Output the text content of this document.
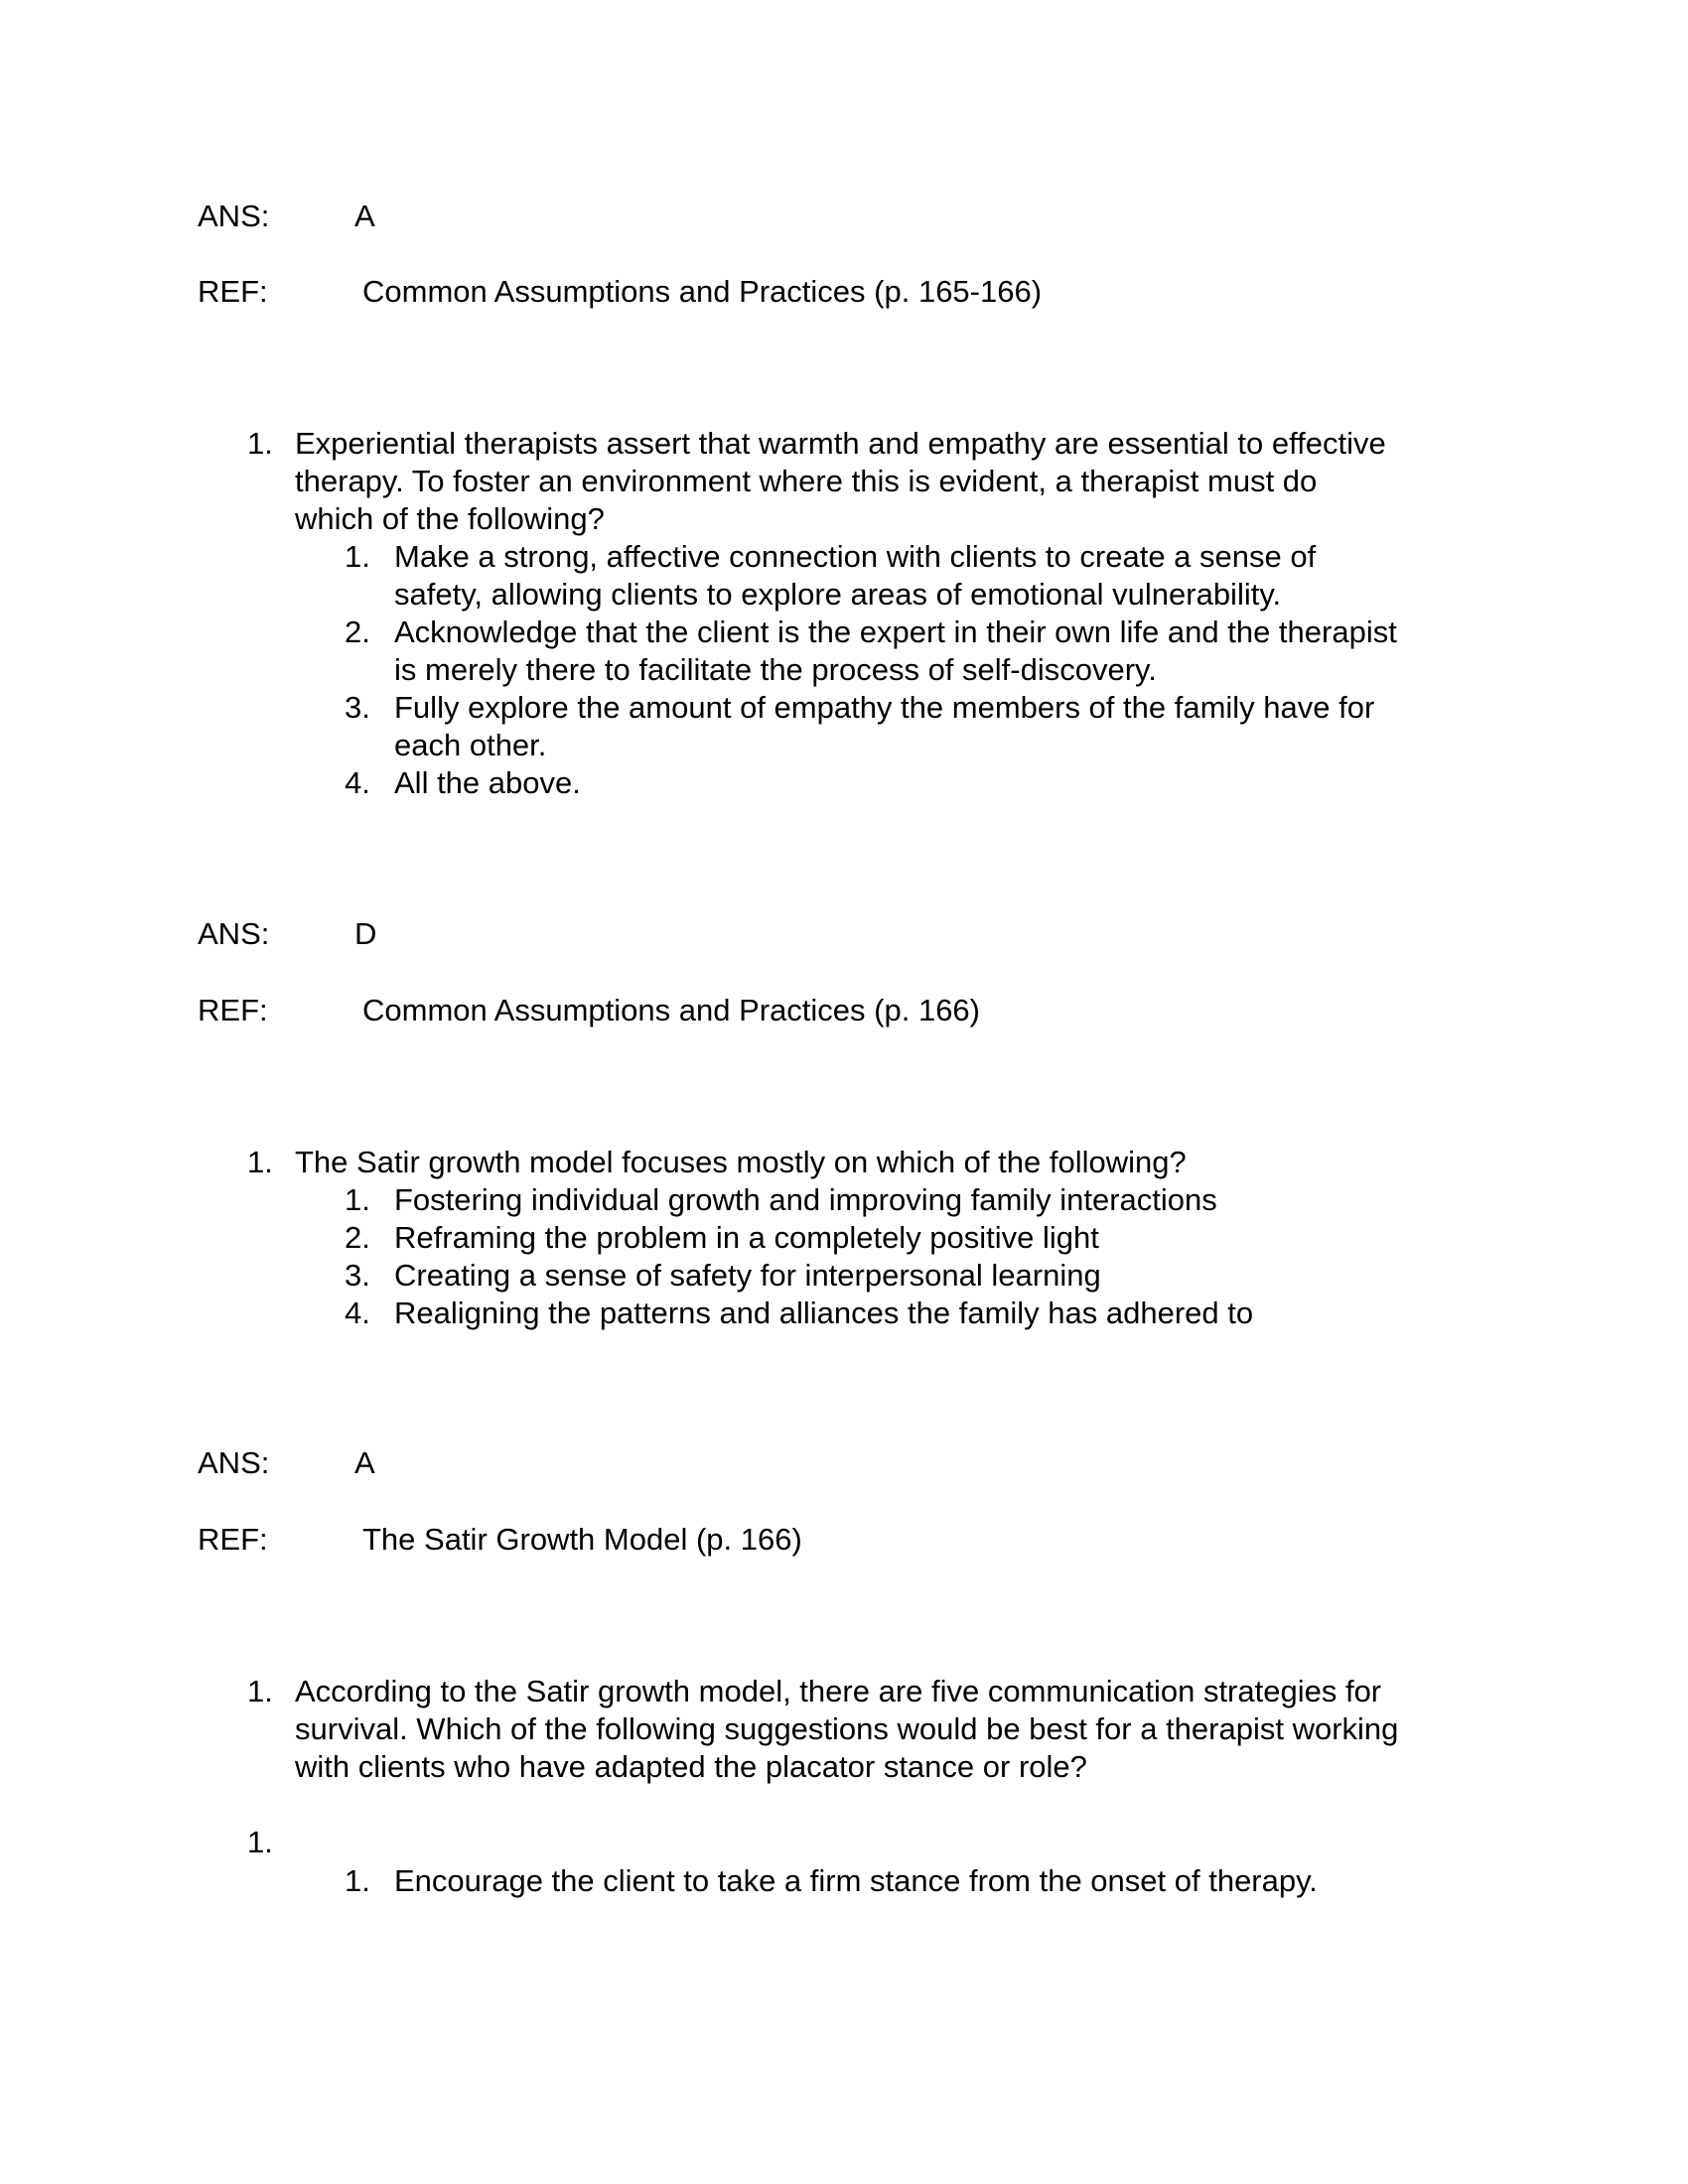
ANS:	A
REF:	Common Assumptions and Practices (p. 165-166)
1. Experiential therapists assert that warmth and empathy are essential to effective
therapy. To foster an environment where this is evident, a therapist must do
which of the following?
1. Make a strong, affective connection with clients to create a sense of
safety, allowing clients to explore areas of emotional vulnerability.
2. Acknowledge that the client is the expert in their own life and the therapist
is merely there to facilitate the process of self-discovery.
3. Fully explore the amount of empathy the members of the family have for
each other.
4. All the above.
ANS:	D
REF:	Common Assumptions and Practices (p. 166)
1. The Satir growth model focuses mostly on which of the following?
1. Fostering individual growth and improving family interactions
2. Reframing the problem in a completely positive light
3. Creating a sense of safety for interpersonal learning
4. Realigning the patterns and alliances the family has adhered to
ANS:	A
REF:	The Satir Growth Model (p. 166)
1. According to the Satir growth model, there are five communication strategies for
survival. Which of the following suggestions would be best for a therapist working
with clients who have adapted the placator stance or role?
1.
1. Encourage the client to take a firm stance from the onset of therapy.
